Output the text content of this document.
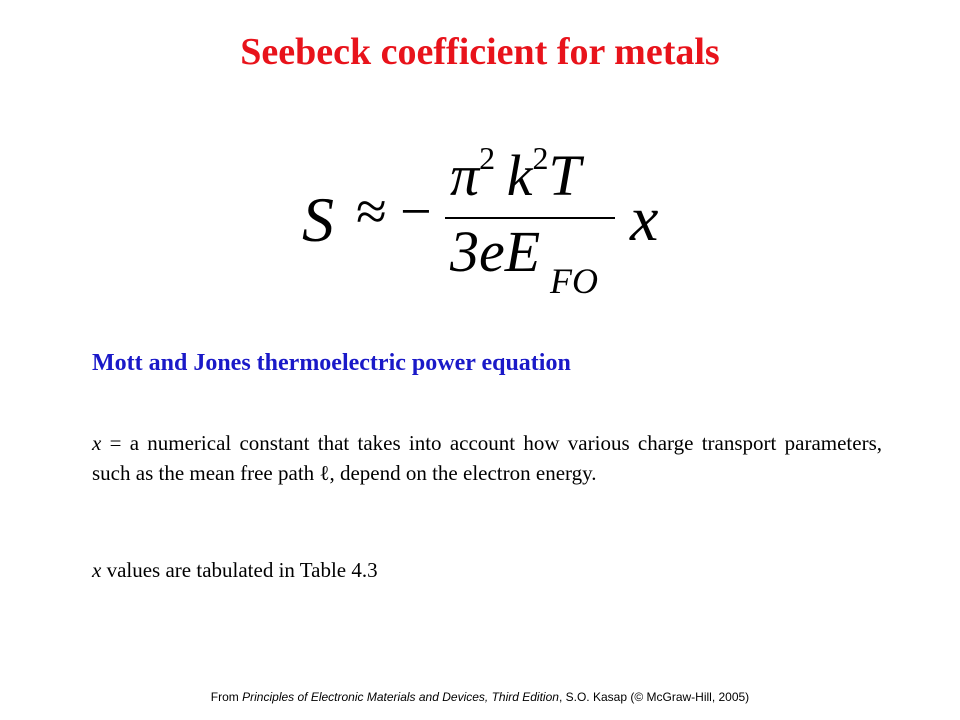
Seebeck coefficient for metals
S ≈ −
$\pi^2$  $k^2T$
3eE FO
x
Mott and Jones thermoelectric power equation

x = a numerical constant that takes into account how various charge transport parameters, such as the mean free path ℓ, depend on the electron energy.

x values are tabulated in Table 4.3

From Principles of Electronic Materials and Devices, Third Edition, S.O. Kasap (© McGraw-Hill, 2005)
